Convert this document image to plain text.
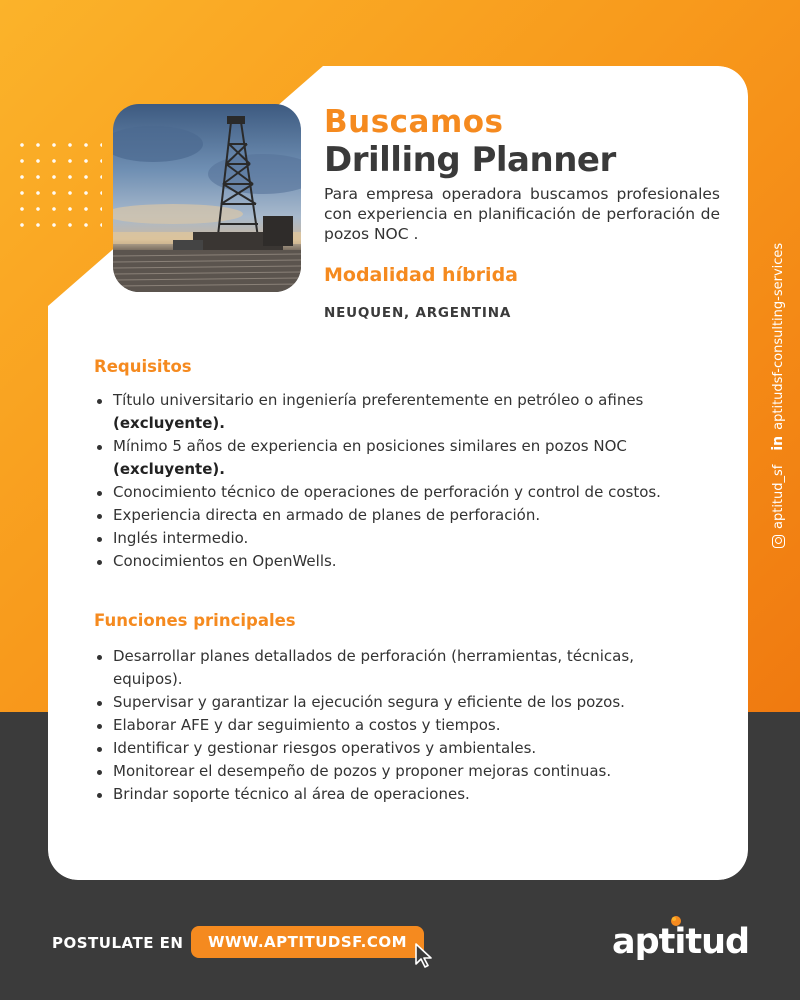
Buscamos
Drilling Planner
Para empresa operadora buscamos profesionales con experiencia en planificación de perforación de pozos NOC .
Modalidad híbrida
NEUQUEN, ARGENTINA
Requisitos
Título universitario en ingeniería preferentemente en petróleo o afines (excluyente).
Mínimo 5 años de experiencia en posiciones similares en pozos NOC (excluyente).
Conocimiento técnico de operaciones de perforación y control de costos.
Experiencia directa en armado de planes de perforación.
Inglés intermedio.
Conocimientos en OpenWells.
Funciones principales
Desarrollar planes detallados de perforación (herramientas, técnicas, equipos).
Supervisar y garantizar la ejecución segura y eficiente de los pozos.
Elaborar AFE y dar seguimiento a costos y tiempos.
Identificar y gestionar riesgos operativos y ambientales.
Monitorear el desempeño de pozos y proponer mejoras continuas.
Brindar soporte técnico al área de operaciones.
aptitud_sf
in
aptitudsf-consulting-services
POSTULATE EN	WWW.APTITUDSF.COM	aptitud
